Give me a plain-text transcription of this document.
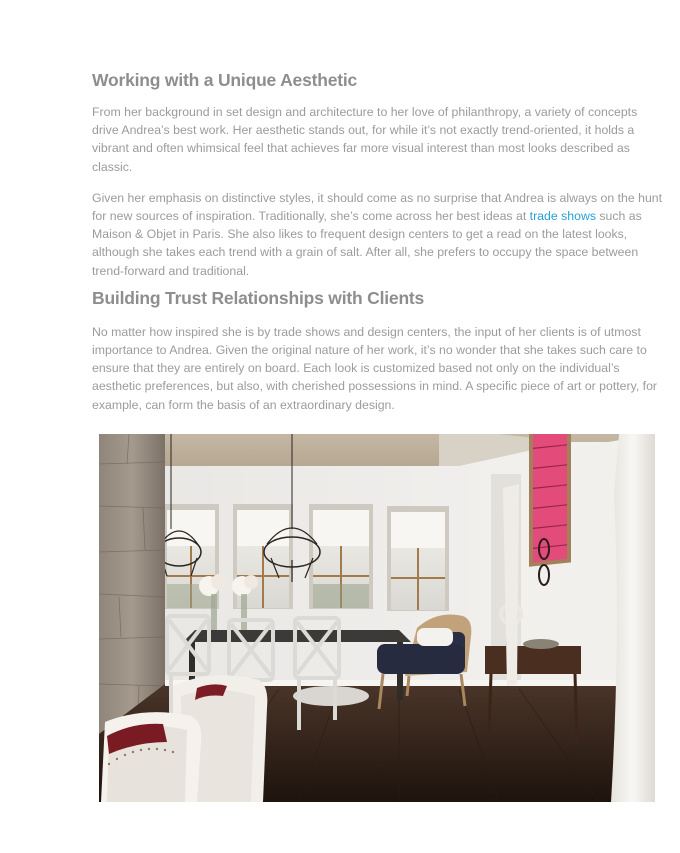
Working with a Unique Aesthetic

From her background in set design and architecture to her love of philanthropy, a variety of concepts drive Andrea’s best work. Her aesthetic stands out, for while it’s not exactly trend-oriented, it holds a vibrant and often whimsical feel that achieves far more visual interest than most looks described as classic.

Given her emphasis on distinctive styles, it should come as no surprise that Andrea is always on the hunt for new sources of inspiration. Traditionally, she’s come across her best ideas at trade shows such as Maison & Objet in Paris. She also likes to frequent design centers to get a read on the latest looks, although she takes each trend with a grain of salt. After all, she prefers to occupy the space between trend-forward and traditional.

Building Trust Relationships with Clients

No matter how inspired she is by trade shows and design centers, the input of her clients is of utmost importance to Andrea. Given the original nature of her work, it’s no wonder that she takes such care to ensure that they are entirely on board. Each look is customized based not only on the individual’s aesthetic preferences, but also, with cherished possessions in mind. A specific piece of art or pottery, for example, can form the basis of an extraordinary design.
